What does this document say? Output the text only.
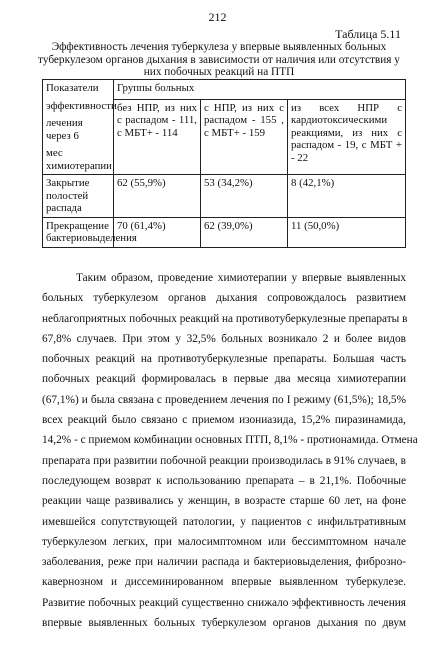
212
Таблица 5.11
Эффективность лечения туберкулеза у впервые выявленных больных туберкулезом органов дыхания в зависимости от наличия или отсутствия у них побочных реакций на ПТП
Показатели
эффективности
лечения через 6
мес химиотерапии	Группы больных		
	без НПР, из них с распадом - 111, с МБТ+ - 114	с НПР, из них с распадом - 155 , с МБТ+ - 159	из всех НПР с кардиотоксическими реакциями, из них с распадом - 19, с МБТ + - 22
Закрытие полостей распада	62 (55,9%)	53 (34,2%)	8 (42,1%)
Прекращение бактериовыделения	70 (61,4%)	62 (39,0%)	11 (50,0%)
Таким образом, проведение химиотерапии у впервые выявленных
больных туберкулезом органов дыхания сопровождалось развитием
неблагоприятных побочных реакций на противотуберкулезные препараты в
67,8% случаев. При этом у 32,5% больных возникало 2 и более видов
побочных реакций на противотуберкулезные препараты. Большая часть
побочных реакций формировалась в первые два месяца химиотерапии
(67,1%) и была связана с проведением лечения по I режиму (61,5%); 18,5%
всех реакций было связано с приемом изониазида, 15,2% пиразинамида,
14,2% - с приемом комбинации основных ПТП, 8,1% - протионамида. Отмена
препарата при развитии побочной реакции производилась в 91% случаев, в
последующем возврат к использованию препарата – в 21,1%. Побочные
реакции чаще развивались у женщин, в возрасте старше 60 лет, на фоне
имевшейся сопутствующей патологии, у пациентов с инфильтративным
туберкулезом легких, при малосимптомном или бессимптомном начале
заболевания, реже при наличии распада и бактериовыделения, фиброзно-
кавернозном и диссеминированном впервые выявленном туберкулезе.
Развитие побочных реакций существенно снижало эффективность лечения
впервые выявленных больных туберкулезом органов дыхания по двум
